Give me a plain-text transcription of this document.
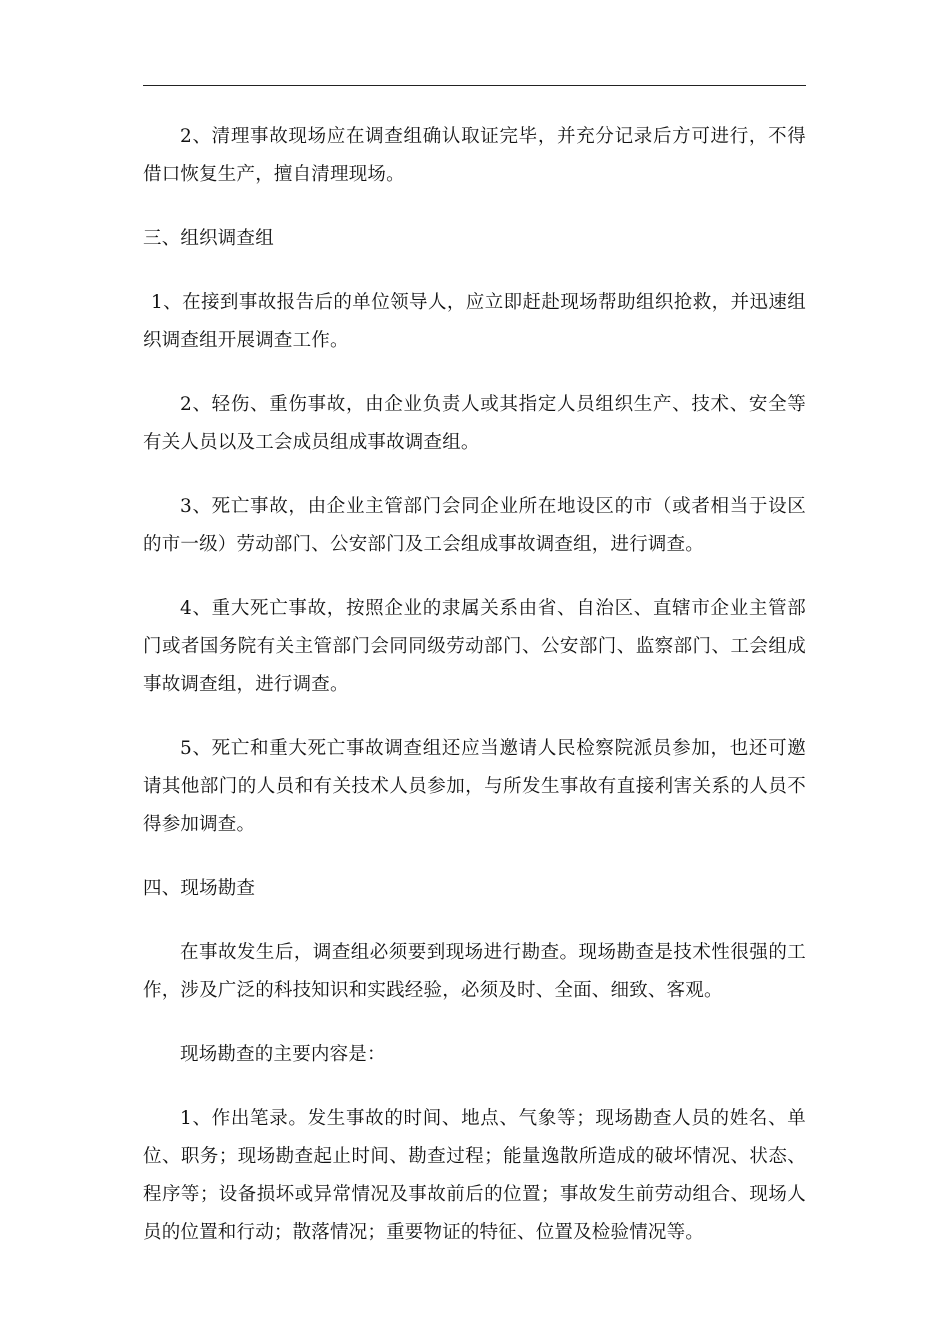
2、清理事故现场应在调查组确认取证完毕，并充分记录后方可进行，不得借口恢复生产，擅自清理现场。

三、组织调查组

1、在接到事故报告后的单位领导人，应立即赶赴现场帮助组织抢救，并迅速组织调查组开展调查工作。

2、轻伤、重伤事故，由企业负责人或其指定人员组织生产、技术、安全等有关人员以及工会成员组成事故调查组。

3、死亡事故，由企业主管部门会同企业所在地设区的市（或者相当于设区的市一级）劳动部门、公安部门及工会组成事故调查组，进行调查。

4、重大死亡事故，按照企业的隶属关系由省、自治区、直辖市企业主管部门或者国务院有关主管部门会同同级劳动部门、公安部门、监察部门、工会组成事故调查组，进行调查。

5、死亡和重大死亡事故调查组还应当邀请人民检察院派员参加，也还可邀请其他部门的人员和有关技术人员参加，与所发生事故有直接利害关系的人员不得参加调查。

四、现场勘查

在事故发生后，调查组必须要到现场进行勘查。现场勘查是技术性很强的工作，涉及广泛的科技知识和实践经验，必须及时、全面、细致、客观。

现场勘查的主要内容是：

1、作出笔录。发生事故的时间、地点、气象等；现场勘查人员的姓名、单位、职务；现场勘查起止时间、勘查过程；能量逸散所造成的破坏情况、状态、程序等；设备损坏或异常情况及事故前后的位置；事故发生前劳动组合、现场人员的位置和行动；散落情况；重要物证的特征、位置及检验情况等。
